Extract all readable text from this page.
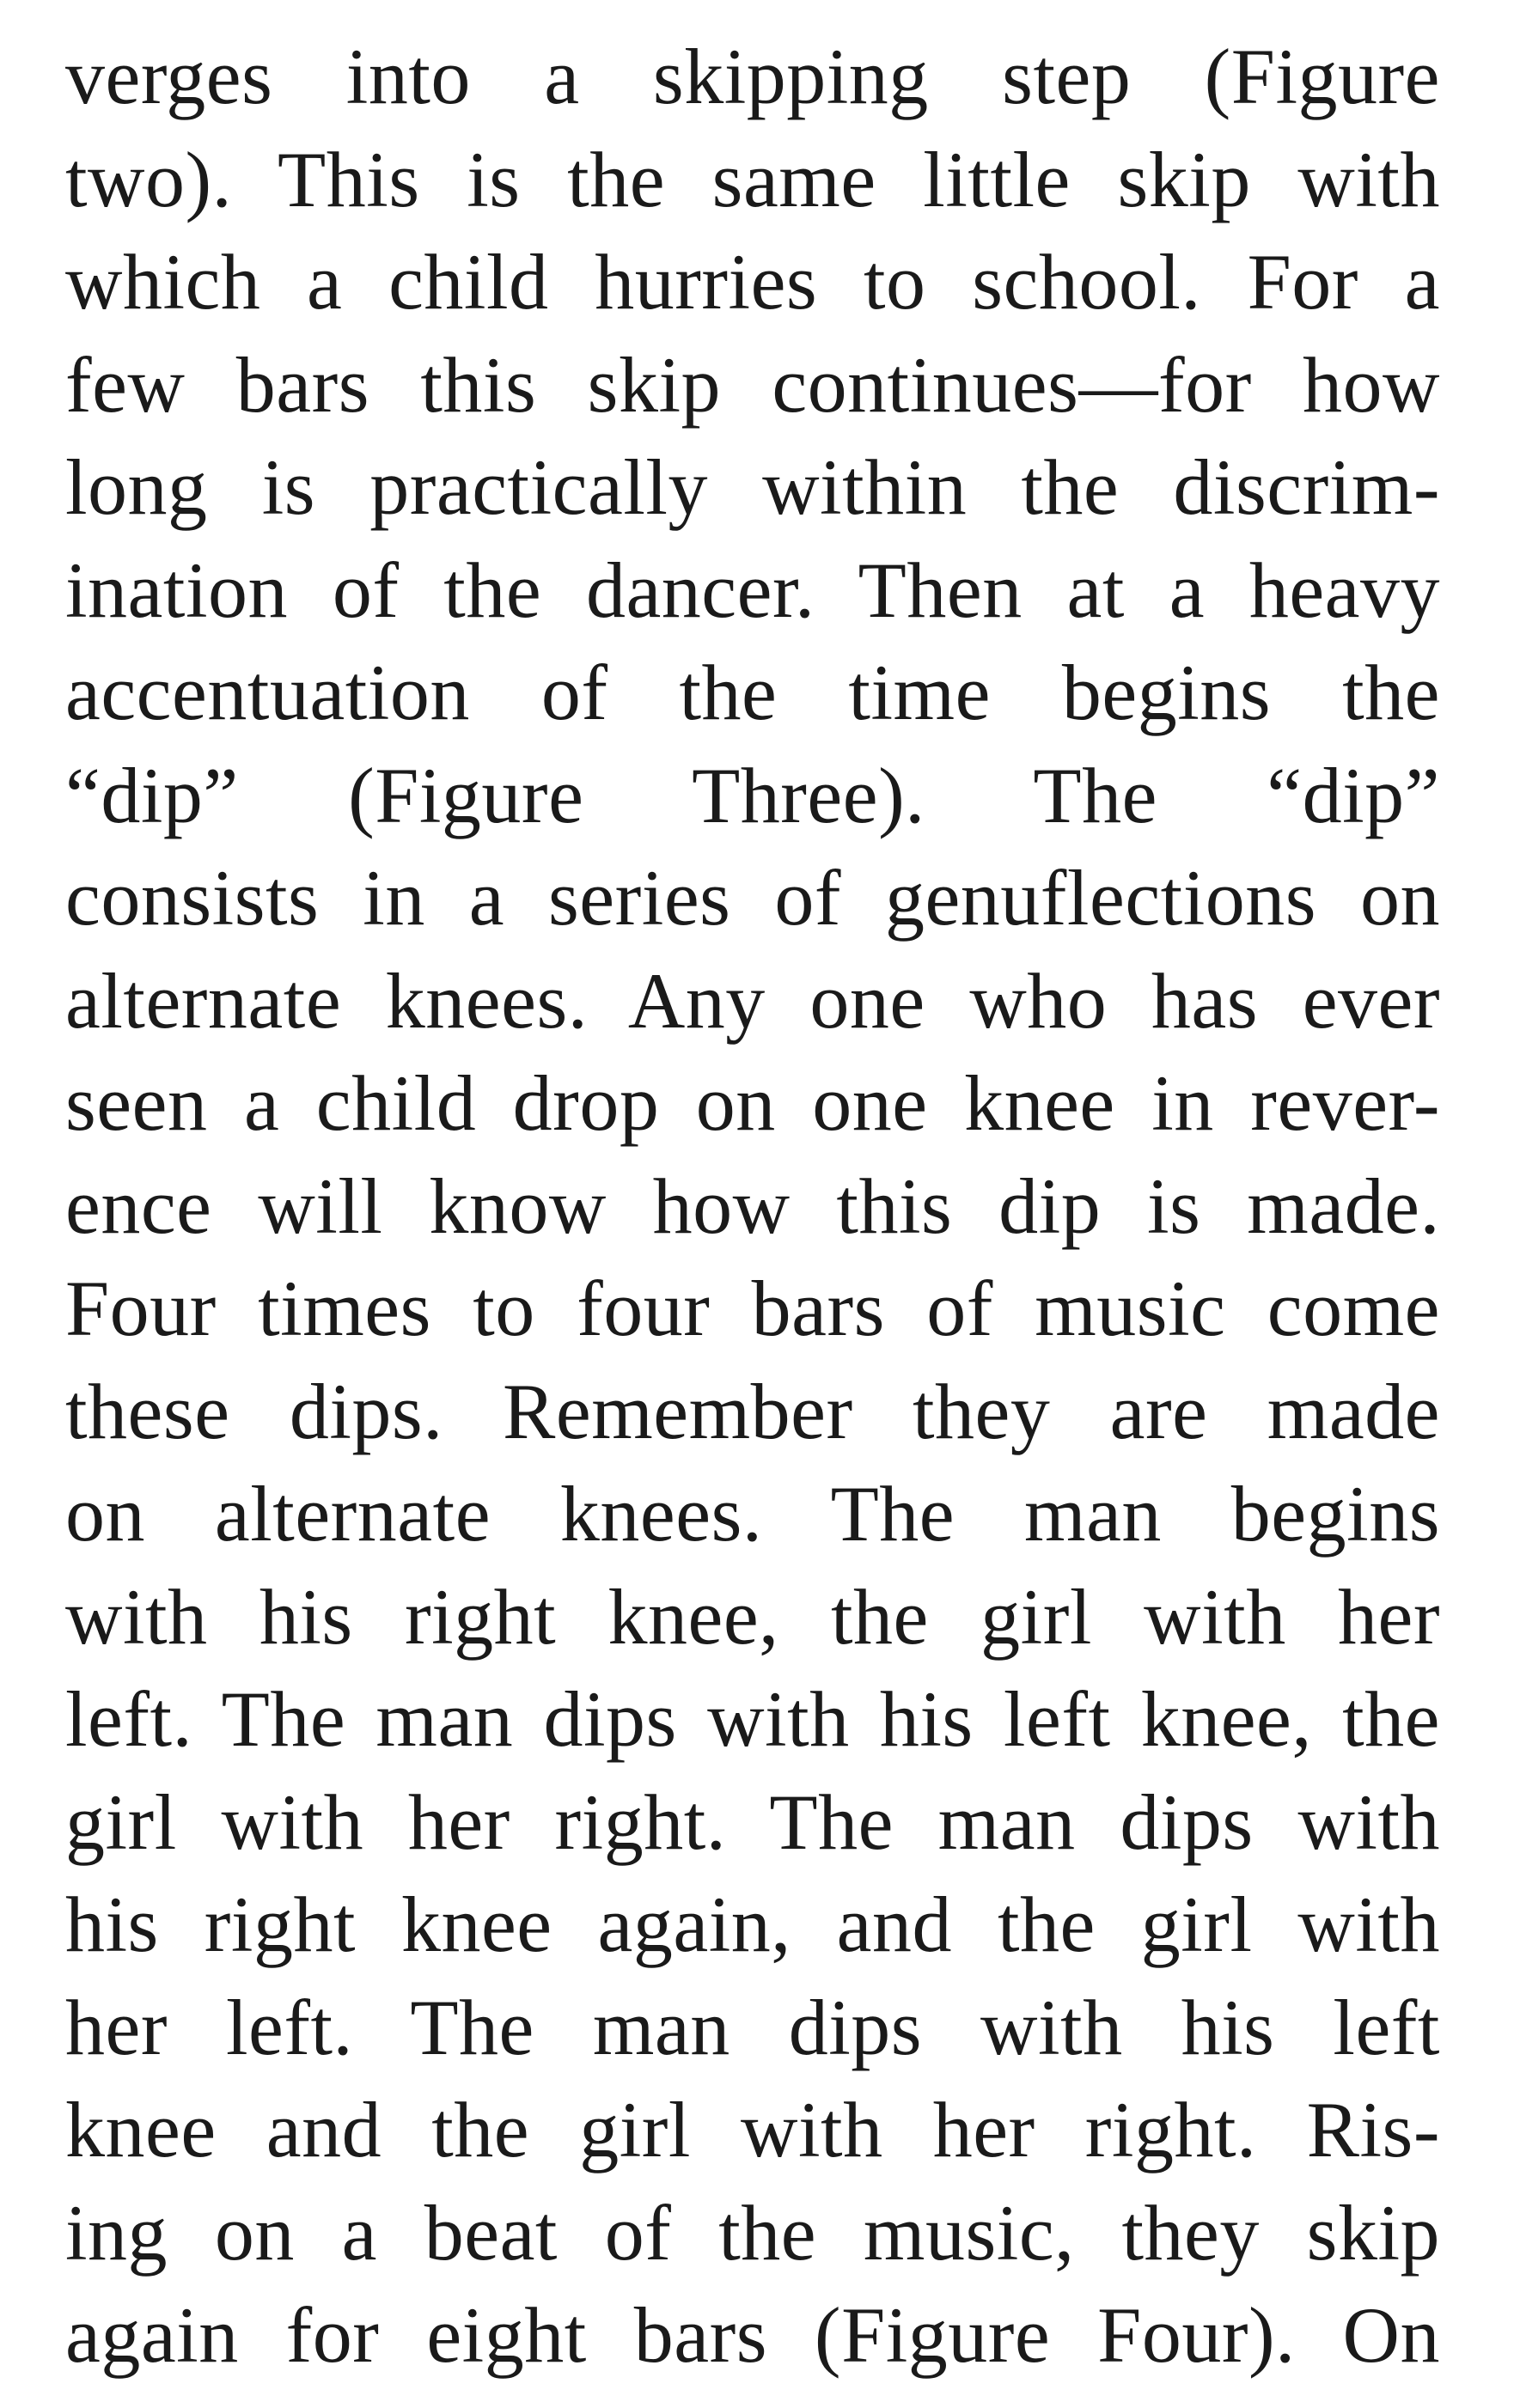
verges into a skipping step (Figure
two). This is the same little skip with
which a child hurries to school. For a
few bars this skip continues—for how
long is practically within the discrim-
ination of the dancer. Then at a heavy
accentuation of the time begins the
“dip” (Figure Three). The “dip”
consists in a series of genuflections on
alternate knees. Any one who has ever
seen a child drop on one knee in rever-
ence will know how this dip is made.
Four times to four bars of music come
these dips. Remember they are made
on alternate knees. The man begins
with his right knee, the girl with her
left. The man dips with his left knee, the
girl with her right. The man dips with
his right knee again, and the girl with
her left. The man dips with his left
knee and the girl with her right. Ris-
ing on a beat of the music, they skip
again for eight bars (Figure Four). On
